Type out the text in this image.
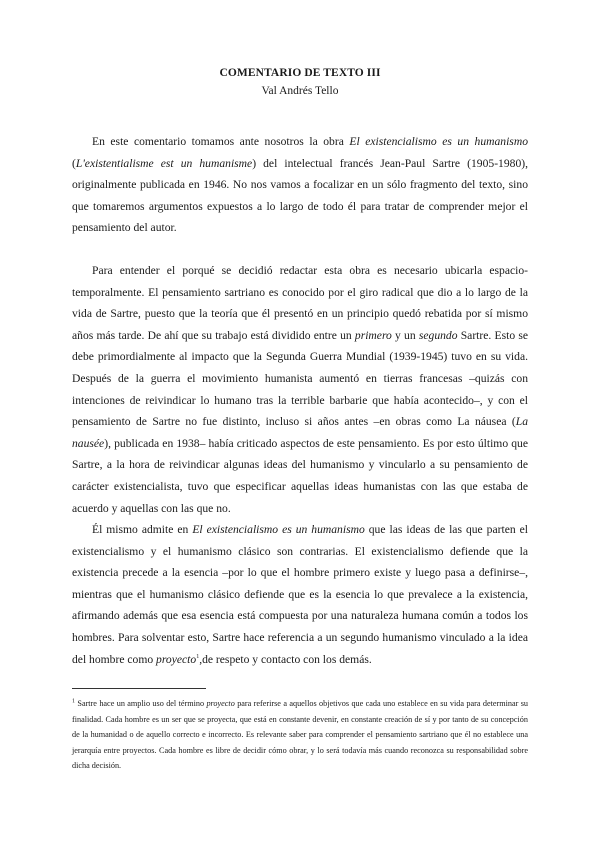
COMENTARIO DE TEXTO III
Val Andrés Tello

En este comentario tomamos ante nosotros la obra El existencialismo es un humanismo (L'existentialisme est un humanisme) del intelectual francés Jean-Paul Sartre (1905-1980), originalmente publicada en 1946. No nos vamos a focalizar en un sólo fragmento del texto, sino que tomaremos argumentos expuestos a lo largo de todo él para tratar de comprender mejor el pensamiento del autor.

Para entender el porqué se decidió redactar esta obra es necesario ubicarla espacio-temporalmente. El pensamiento sartriano es conocido por el giro radical que dio a lo largo de la vida de Sartre, puesto que la teoría que él presentó en un principio quedó rebatida por sí mismo años más tarde. De ahí que su trabajo está dividido entre un primero y un segundo Sartre. Esto se debe primordialmente al impacto que la Segunda Guerra Mundial (1939-1945) tuvo en su vida. Después de la guerra el movimiento humanista aumentó en tierras francesas –quizás con intenciones de reivindicar lo humano tras la terrible barbarie que había acontecido–, y con el pensamiento de Sartre no fue distinto, incluso si años antes –en obras como La náusea (La nausée), publicada en 1938– había criticado aspectos de este pensamiento. Es por esto último que Sartre, a la hora de reivindicar algunas ideas del humanismo y vincularlo a su pensamiento de carácter existencialista, tuvo que especificar aquellas ideas humanistas con las que estaba de acuerdo y aquellas con las que no.

Él mismo admite en El existencialismo es un humanismo que las ideas de las que parten el existencialismo y el humanismo clásico son contrarias. El existencialismo defiende que la existencia precede a la esencia –por lo que el hombre primero existe y luego pasa a definirse–, mientras que el humanismo clásico defiende que es la esencia lo que prevalece a la existencia, afirmando además que esa esencia está compuesta por una naturaleza humana común a todos los hombres. Para solventar esto, Sartre hace referencia a un segundo humanismo vinculado a la idea del hombre como proyecto$^1$,de respeto y contacto con los demás.

$^1$ Sartre hace un amplio uso del término proyecto para referirse a aquellos objetivos que cada uno establece en su vida para determinar su finalidad. Cada hombre es un ser que se proyecta, que está en constante devenir, en constante creación de sí y por tanto de su concepción de la humanidad o de aquello correcto e incorrecto. Es relevante saber para comprender el pensamiento sartriano que él no establece una jerarquía entre proyectos. Cada hombre es libre de decidir cómo obrar, y lo será todavía más cuando reconozca su responsabilidad sobre dicha decisión.
